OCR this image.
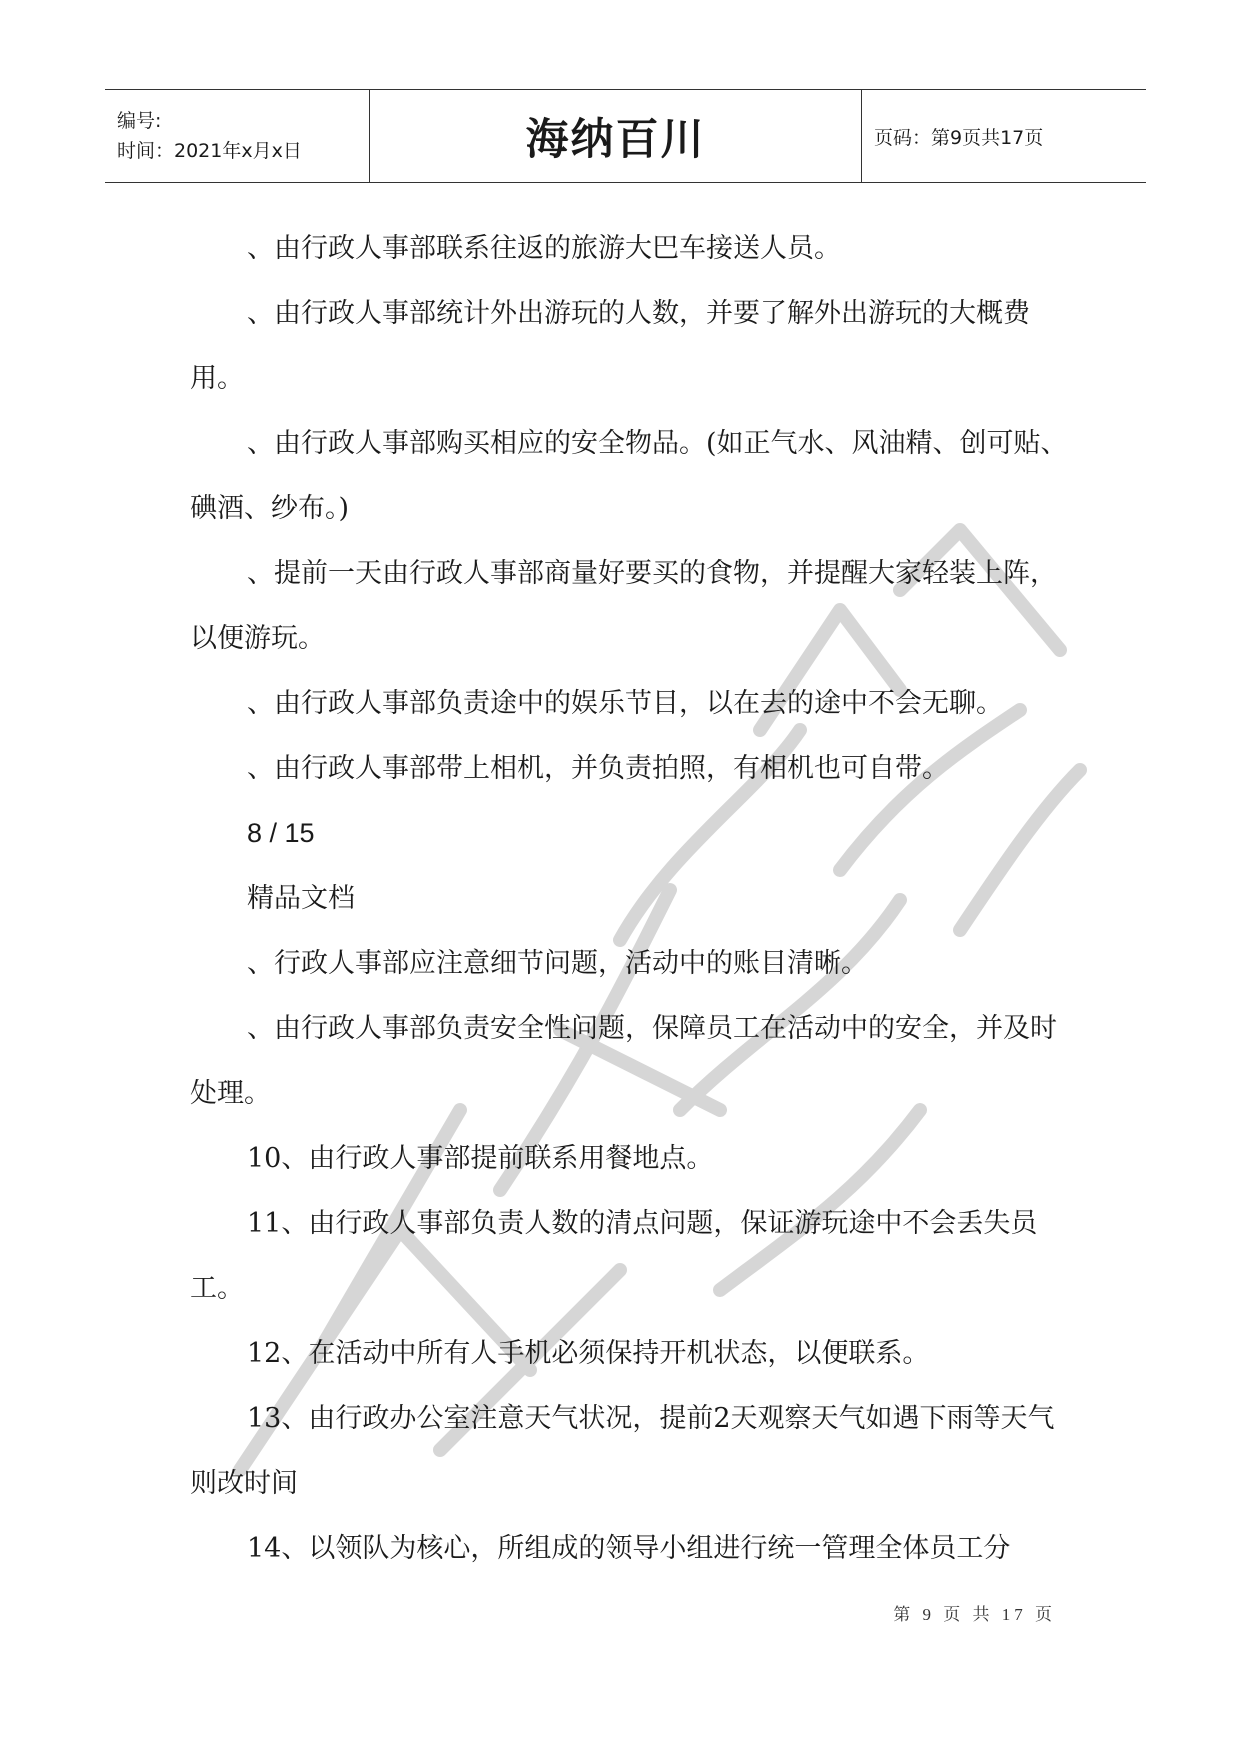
编号:
时间：2021年x月x日	海纳百川	页码：第9页共17页

、由行政人事部联系往返的旅游大巴车接送人员。

、由行政人事部统计外出游玩的人数，并要了解外出游玩的大概费用。

、由行政人事部购买相应的安全物品。(如正气水、风油精、创可贴、碘酒、纱布。)

、提前一天由行政人事部商量好要买的食物，并提醒大家轻装上阵，以便游玩。

、由行政人事部负责途中的娱乐节目，以在去的途中不会无聊。

、由行政人事部带上相机，并负责拍照，有相机也可自带。

8 / 15

精品文档

、行政人事部应注意细节问题，活动中的账目清晰。

、由行政人事部负责安全性问题，保障员工在活动中的安全，并及时处理。

10、由行政人事部提前联系用餐地点。

11、由行政人事部负责人数的清点问题，保证游玩途中不会丢失员工。

12、在活动中所有人手机必须保持开机状态，以便联系。

13、由行政办公室注意天气状况，提前2天观察天气如遇下雨等天气则改时间

14、以领队为核心，所组成的领导小组进行统一管理全体员工分

第 9 页 共 17 页
